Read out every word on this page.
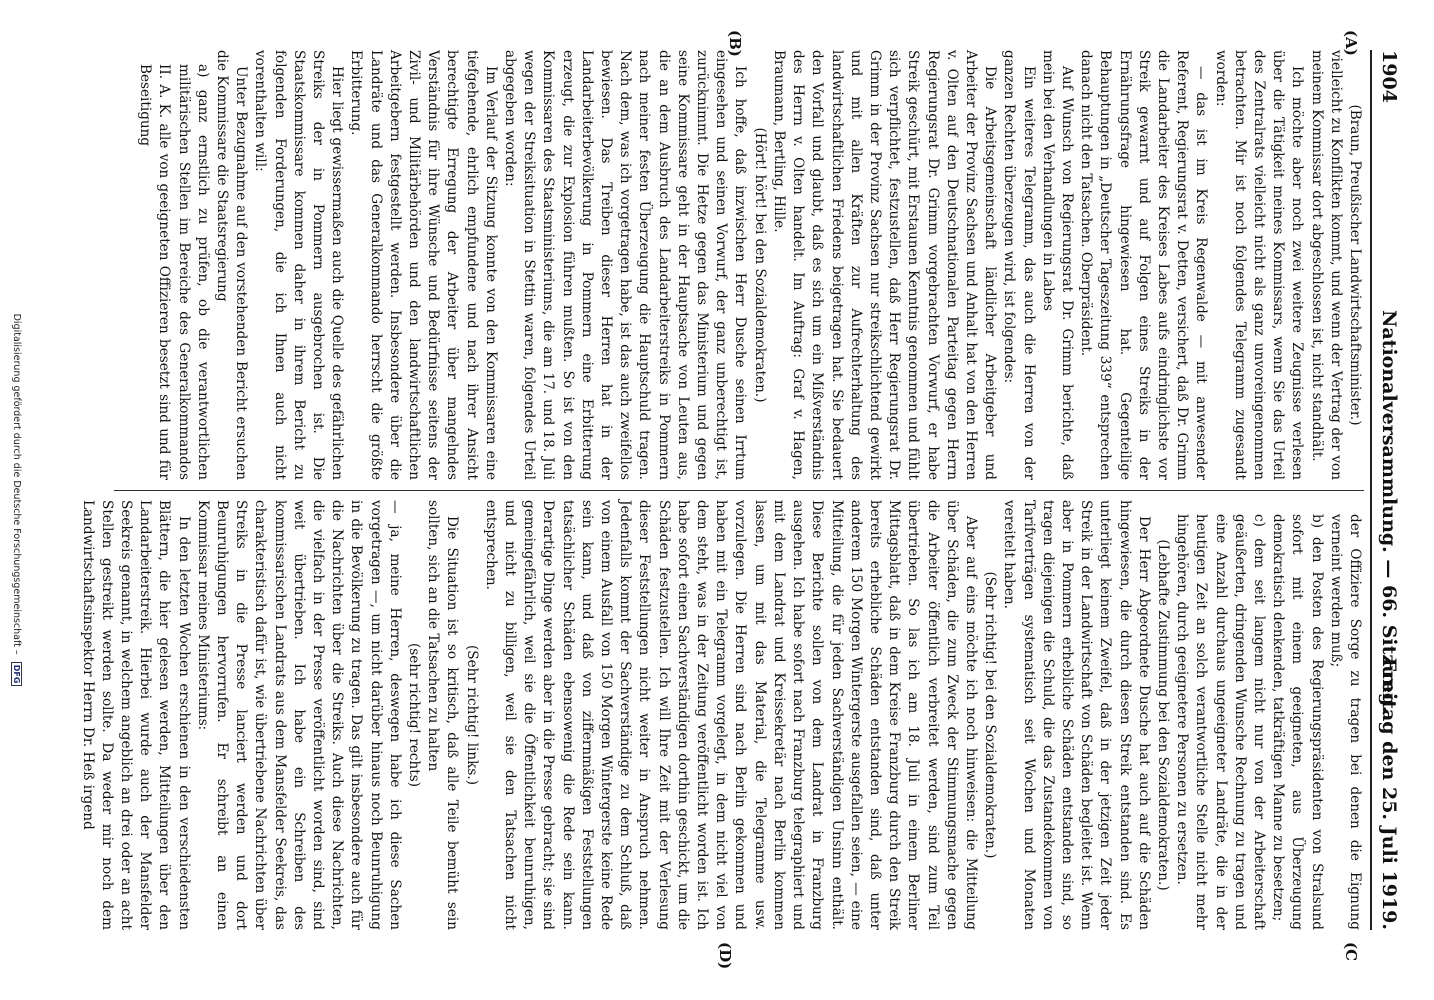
1904
Nationalversammlung. — 66. Sitzung.
Freitag den 25. Juli 1919.
(A)
(B)
(C
(D)

(Braun, Preußischer Landwirtschaftsminister.)

vielleicht zu Konflikten kommt, und wenn der Vertrag der von meinem Kommissar dort abgeschlossen ist, nicht standhält.

Ich möchte aber noch zwei weitere Zeugnisse verlesen über die Tätigkeit meines Kommissars, wenn Sie das Urteil des Zentralrats vielleicht nicht als ganz unvoreingenommen betrachten. Mir ist noch folgendes Telegramm zugesandt worden:

— das ist im Kreis Regenwalde — mit anwesender Referent, Regierungsrat v. Detten, versichert, daß Dr. Grimm die Landarbeiter des Kreises Labes aufs eindringlichste vor Streik gewarnt und auf Folgen eines Streiks in der Ernährungsfrage hingewiesen hat. Gegenteilige Behauptungen in „Deutscher Tageszeitung 339“ entsprechen danach nicht den Tatsachen. Oberpräsident.

Auf Wunsch von Regierungsrat Dr. Grimm berichte, daß mein bei den Verhandlungen in Labes

Ein weiteres Telegramm, das auch die Herren von der ganzen Rechten überzeugen wird, ist folgendes:

Die Arbeitsgemeinschaft ländlicher Arbeitgeber und Arbeiter der Provinz Sachsen und Anhalt hat von den Herren v. Olten auf den Deutschnationalen Parteitag gegen Herrn Regierungsrat Dr. Grimm vorgebrachten Vorwurf, er habe Streik geschürt, mit Erstaunen Kenntnis genommen und fühlt sich verpflichtet, festzustellen, daß Herr Regierungsrat Dr. Grimm in der Provinz Sachsen nur streikschlichtend gewirkt und mit allen Kräften zur Aufrechterhaltung des landwirtschaftlichen Friedens beigetragen hat. Sie bedauert den Vorfall und glaubt, daß es sich um ein Mißverständnis des Herrn v. Olten handelt. Im Auftrag: Graf v. Hagen, Braumann, Bertling, Hille.

(Hört! hört! bei den Sozialdemokraten.)

Ich hoffe, daß inzwischen Herr Dusche seinen Irrtum eingesehen und seinen Vorwurf, der ganz unberechtigt ist, zurücknimmt. Die Hetze gegen das Ministerium und gegen seine Kommissare geht in der Hauptsache von Leuten aus, die an dem Ausbruch des Landarbeiterstreiks in Pommern nach meiner festen Überzeugung die Hauptschuld tragen. Nach dem, was ich vorgetragen habe, ist das auch zweifellos bewiesen. Das Treiben dieser Herren hat in der Landarbeiterbevölkerung in Pommern eine Erbitterung erzeugt, die zur Explosion führen mußten. So ist von den Kommissaren des Staatsministeriums, die am 17. und 18. Juli wegen der Streiksituation in Stettin waren, folgendes Urteil abgegeben worden:

Im Verlauf der Sitzung konnte von den Kommissaren eine tiefgehende, ehrlich empfundene und nach ihrer Ansicht berechtigte Erregung der Arbeiter über mangelndes Verständnis für ihre Wünsche und Bedürfnisse seitens der Zivil- und Militärbehörden und den landwirtschaftlichen Arbeitgebern festgestellt werden. Insbesondere über die Landräte und das Generalkommando herrscht die größte Erbitterung.

Hier liegt gewissermaßen auch die Quelle des gefährlichen Streiks der in Pommern ausgebrochen ist. Die Staatskommissare kommen daher in ihrem Bericht zu folgenden Forderungen, die ich Ihnen auch nicht vorenthalten will:

Unter Bezugnahme auf den vorstehenden Bericht ersuchen die Kommissare die Staatsregierung

a) ganz ernstlich zu prüfen, ob die verantwortlichen militärischen Stellen im Bereiche des Generalkommandos II. A. K. alle von geeigneten Offizieren besetzt sind und für Beseitigung

der Offiziere Sorge zu tragen bei denen die Eignung verneint werden muß;

b) den Posten des Regierungspräsidenten von Stralsund sofort mit einem geeigneten, aus Überzeugung demokratisch denkenden, tatkräftigen Manne zu besetzen;

c) dem seit langem nicht nur von der Arbeiterschaft geäußerten, dringenden Wunsche Rechnung zu tragen und eine Anzahl durchaus ungeeigneter Landräte, die in der heutigen Zeit an solch verantwortliche Stelle nicht mehr hingehören, durch geeignetere Personen zu ersetzen.

(Lebhafte Zustimmung bei den Sozialdemokraten.)

Der Herr Abgeordnete Dusche hat auch auf die Schäden hingewiesen, die durch diesen Streik entstanden sind. Es unterliegt keinem Zweifel, daß in der jetzigen Zeit jeder Streik in der Landwirtschaft von Schäden begleitet ist. Wenn aber in Pommern erhebliche Schäden entstanden sind, so tragen diejenigen die Schuld, die das Zustandekommen von Tarifverträgen systematisch seit Wochen und Monaten vereitelt haben.

(Sehr richtig! bei den Sozialdemokraten.)

Aber auf eins möchte ich noch hinweisen: die Mitteilung über Schäden, die zum Zweck der Stimmungsmache gegen die Arbeiter öffentlich verbreitet werden, sind zum Teil übertrieben. So las ich am 18. Juli in einem Berliner Mittagsblatt, daß in dem Kreise Franzburg durch den Streik bereits erhebliche Schäden entstanden sind, daß unter anderem 150 Morgen Wintergerste ausgefallen seien, — eine Mitteilung, die für jeden Sachverständigen Unsinn enthält. Diese Berichte sollen von dem Landrat in Franzburg ausgehen. Ich habe sofort nach Franzburg telegraphiert und mit dem Landrat und Kreissekretär nach Berlin kommen lassen, um mit das Material, die Telegramme usw. vorzulegen. Die Herren sind nach Berlin gekommen und haben mit ein Telegramm vorgelegt, in dem nicht viel von dem steht, was in der Zeitung veröffentlicht worden ist. Ich habe sofort einen Sachverständigen dorthin geschickt, um die Schäden festzustellen. Ich will Ihre Zeit mit der Verlesung dieser Feststellungen nicht weiter in Anspruch nehmen. Jedenfalls kommt der Sachverständige zu dem Schluß, daß von einem Ausfall von 150 Morgen Wintergerste keine Rede sein kann, und daß von ziffernmäßigen Feststellungen tatsächlicher Schäden ebensowenig die Rede sein kann. Derartige Dinge werden aber in die Presse gebracht; sie sind gemeingefährlich, weil sie die Öffentlichkeit beunruhigen, und nicht zu billigen, weil sie den Tatsachen nicht entsprechen.

(Sehr richtig! links.)

Die Situation ist so kritisch, daß alle Teile bemüht sein sollten, sich an die Tatsachen zu halten

(sehr richtig! rechts)

— ja, meine Herren, deswegen habe ich diese Sachen vorgetragen —, um nicht darüber hinaus noch Beunruhigung in die Bevölkerung zu tragen. Das gilt insbesondere auch für die Nachrichten über die Streiks. Auch diese Nachrichten, die vielfach in der Presse veröffentlicht worden sind, sind weit übertrieben. Ich habe ein Schreiben des kommissarischen Landrats aus dem Mansfelder Seekreis, das charakteristisch dafür ist, wie übertriebene Nachrichten über Streiks in die Presse lanciert werden und dort Beunruhigungen hervorrufen. Er schreibt an einen Kommissar meines Ministeriums:

In den letzten Wochen erschienen in den verschiedensten Blättern, die hier gelesen werden, Mitteilungen über den Landarbeiterstreik. Hierbei wurde auch der Mansfelder Seekreis genannt, in welchem angeblich an drei oder an acht Stellen gestreikt werden sollte. Da weder mir noch dem Landwirtschaftsinspektor Herrn Dr. Heß irgend

Digitalisierung gefördert durch die Deutsche Forschungsgemeinschaft – DFG
